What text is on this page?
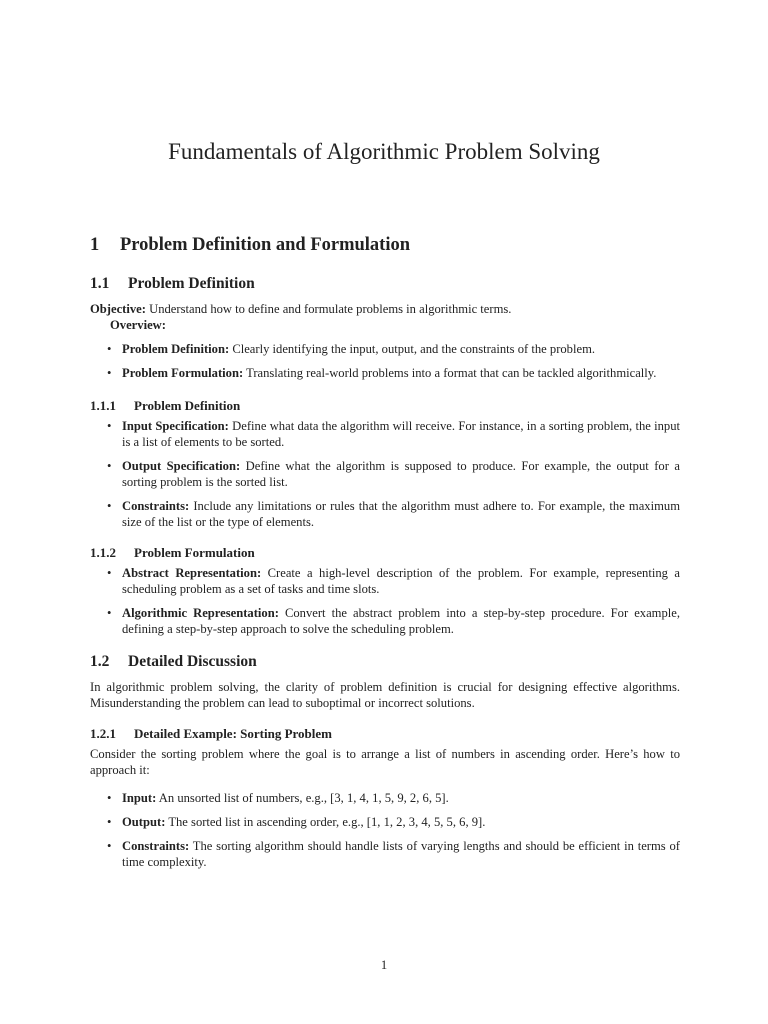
Fundamentals of Algorithmic Problem Solving
1 Problem Definition and Formulation
1.1 Problem Definition

Objective: Understand how to define and formulate problems in algorithmic terms.

Overview:

• Problem Definition: Clearly identifying the input, output, and the constraints of the problem.
• Problem Formulation: Translating real-world problems into a format that can be tackled algorithmically.
1.1.1 Problem Definition
• Input Specification: Define what data the algorithm will receive. For instance, in a sorting problem, the input is a list of elements to be sorted.
• Output Specification: Define what the algorithm is supposed to produce. For example, the output for a sorting problem is the sorted list.
• Constraints: Include any limitations or rules that the algorithm must adhere to. For example, the maximum size of the list or the type of elements.
1.1.2 Problem Formulation
• Abstract Representation: Create a high-level description of the problem. For example, representing a scheduling problem as a set of tasks and time slots.
• Algorithmic Representation: Convert the abstract problem into a step-by-step procedure. For example, defining a step-by-step approach to solve the scheduling problem.
1.2 Detailed Discussion

In algorithmic problem solving, the clarity of problem definition is crucial for designing effective algorithms. Misunderstanding the problem can lead to suboptimal or incorrect solutions.

1.2.1 Detailed Example: Sorting Problem

Consider the sorting problem where the goal is to arrange a list of numbers in ascending order. Here’s how to approach it:

• Input: An unsorted list of numbers, e.g., [3, 1, 4, 1, 5, 9, 2, 6, 5].
• Output: The sorted list in ascending order, e.g., [1, 1, 2, 3, 4, 5, 5, 6, 9].
• Constraints: The sorting algorithm should handle lists of varying lengths and should be efficient in terms of time complexity.
1
